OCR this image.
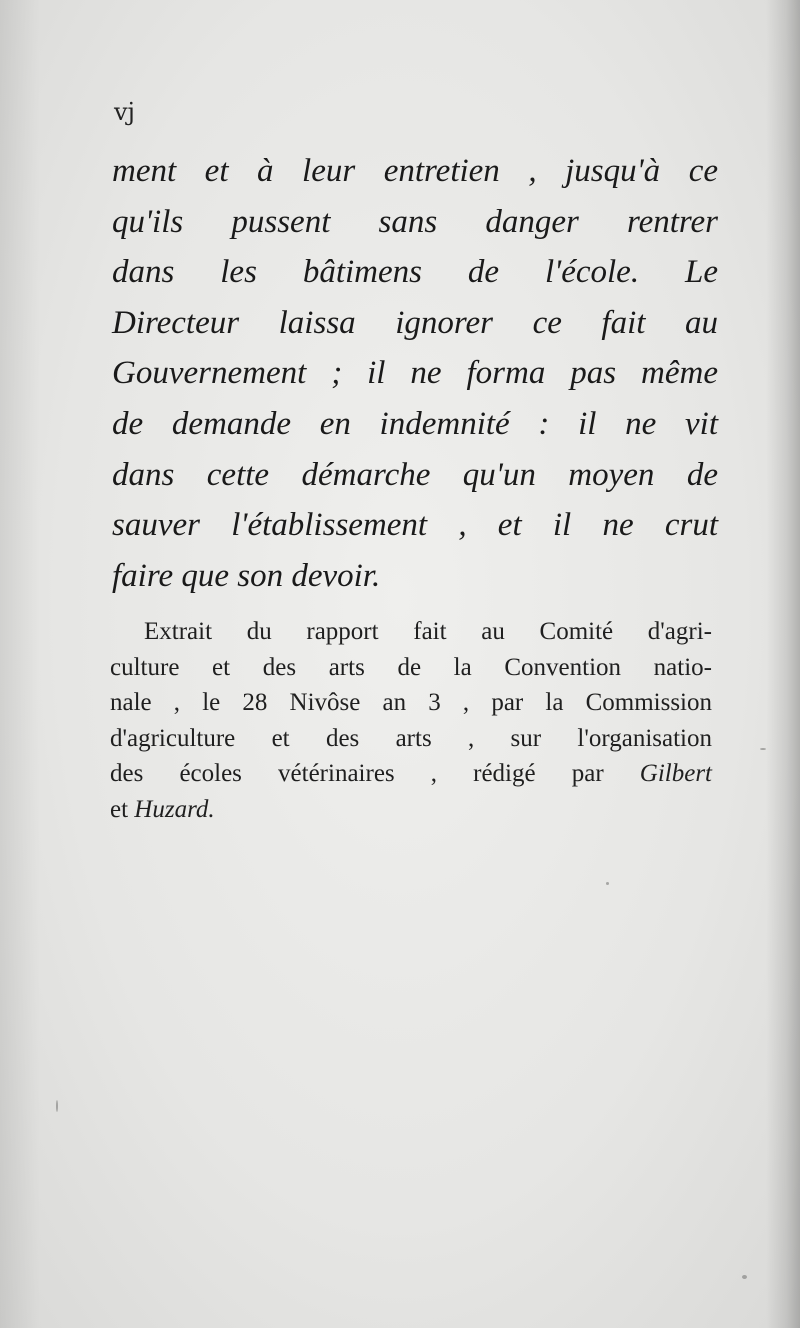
vj

ment et à leur entretien , jusqu'à ce
qu'ils pussent sans danger rentrer
dans les bâtimens de l'école. Le
Directeur laissa ignorer ce fait au
Gouvernement ; il ne forma pas même
de demande en indemnité : il ne vit
dans cette démarche qu'un moyen de
sauver l'établissement , et il ne crut
faire que son devoir.

Extrait du rapport fait au Comité d'agri-
culture et des arts de la Convention natio-
nale , le 28 Nivôse an 3 , par la Commission
d'agriculture et des arts , sur l'organisation
des écoles vétérinaires , rédigé par Gilbert
et Huzard.
